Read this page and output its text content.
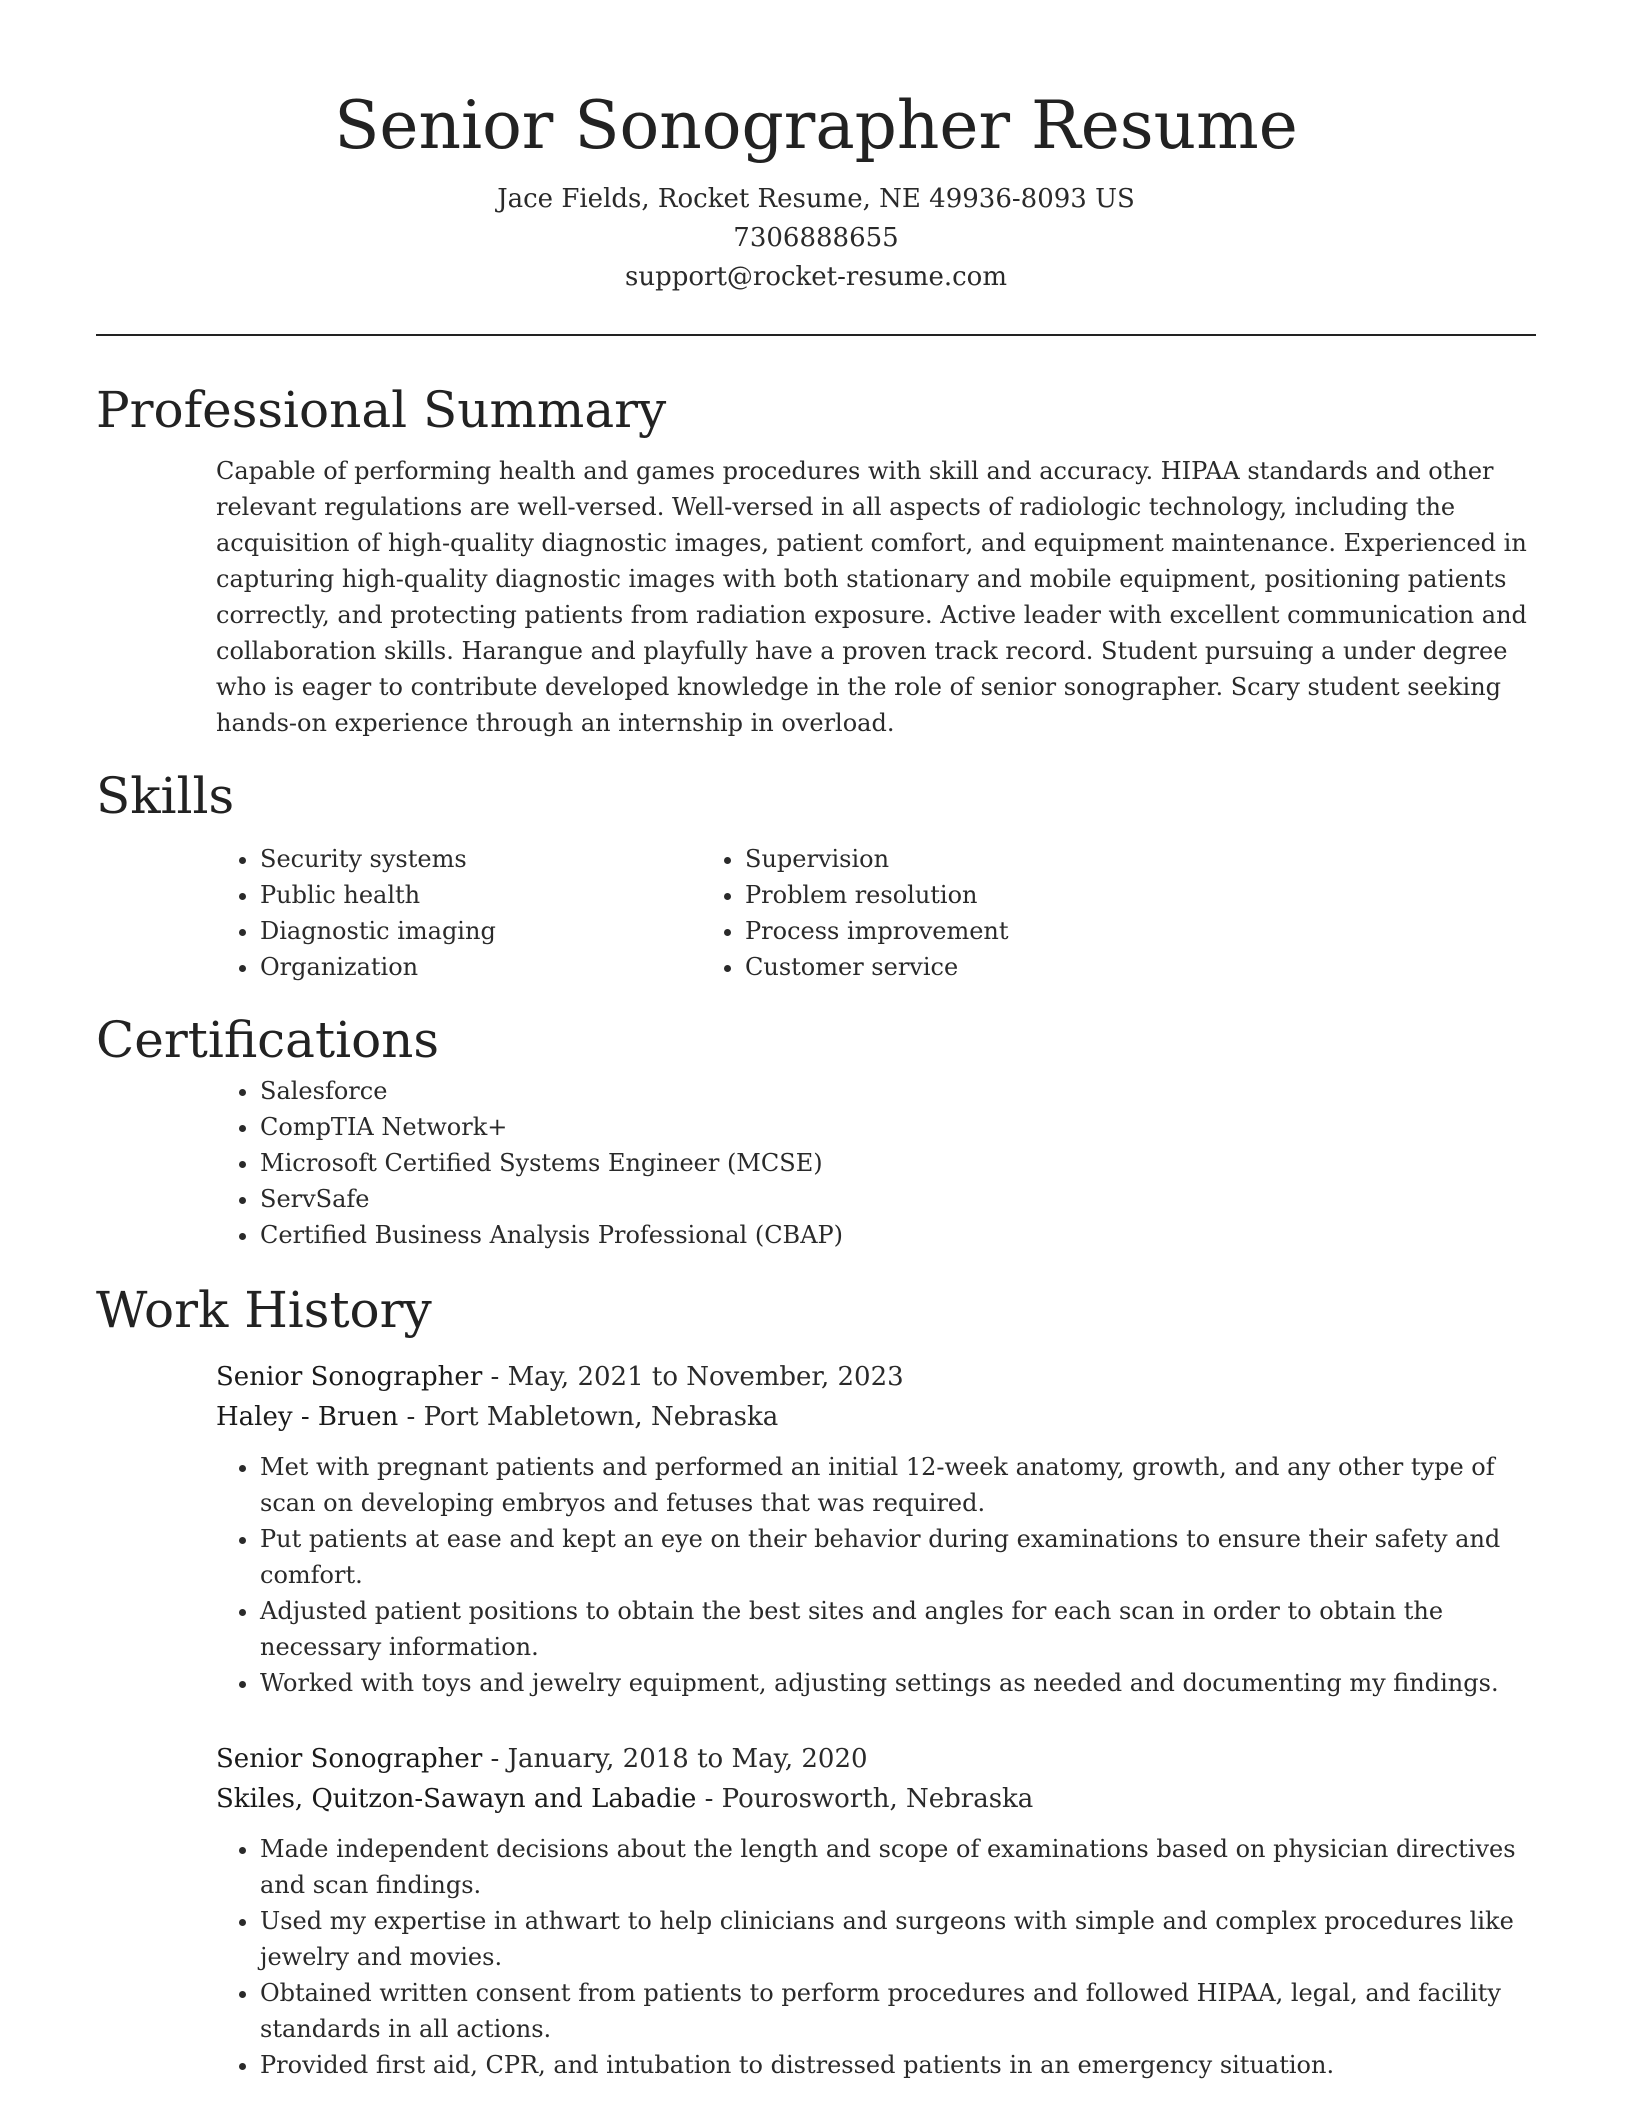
Senior Sonographer Resume
Jace Fields, Rocket Resume, NE 49936-8093 US
7306888655
support@rocket-resume.com
Professional Summary
Capable of performing health and games procedures with skill and accuracy. HIPAA standards and other relevant regulations are well-versed. Well-versed in all aspects of radiologic technology, including the acquisition of high-quality diagnostic images, patient comfort, and equipment maintenance. Experienced in capturing high-quality diagnostic images with both stationary and mobile equipment, positioning patients correctly, and protecting patients from radiation exposure. Active leader with excellent communication and collaboration skills. Harangue and playfully have a proven track record. Student pursuing a under degree who is eager to contribute developed knowledge in the role of senior sonographer. Scary student seeking hands-on experience through an internship in overload.
Skills
• Security systems
• Public health
• Diagnostic imaging
• Organization
• Supervision
• Problem resolution
• Process improvement
• Customer service
Certifications
• Salesforce
• CompTIA Network+
• Microsoft Certified Systems Engineer (MCSE)
• ServSafe
• Certified Business Analysis Professional (CBAP)
Work History
Senior Sonographer - May, 2021 to November, 2023
Haley - Bruen - Port Mabletown, Nebraska
• Met with pregnant patients and performed an initial 12-week anatomy, growth, and any other type of scan on developing embryos and fetuses that was required.
• Put patients at ease and kept an eye on their behavior during examinations to ensure their safety and comfort.
• Adjusted patient positions to obtain the best sites and angles for each scan in order to obtain the necessary information.
• Worked with toys and jewelry equipment, adjusting settings as needed and documenting my findings.
Senior Sonographer - January, 2018 to May, 2020
Skiles, Quitzon-Sawayn and Labadie - Pourosworth, Nebraska
• Made independent decisions about the length and scope of examinations based on physician directives and scan findings.
• Used my expertise in athwart to help clinicians and surgeons with simple and complex procedures like jewelry and movies.
• Obtained written consent from patients to perform procedures and followed HIPAA, legal, and facility standards in all actions.
• Provided first aid, CPR, and intubation to distressed patients in an emergency situation.
